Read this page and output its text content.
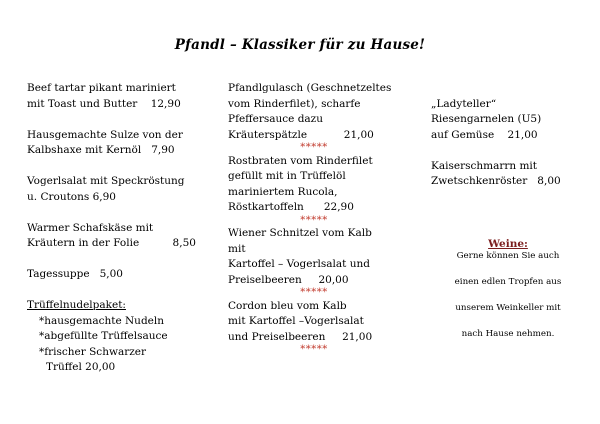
Pfandl – Klassiker für zu Hause!
Beef tartar pikant mariniert
mit Toast und Butter 12,90
Hausgemachte Sulze von der
Kalbshaxe mit Kernöl 7,90
Vogerlsalat mit Speckröstung
u. Croutons 6,90
Warmer Schafskäse mit
Kräutern in der Folie	8,50
Tagessuppe 5,00
Trüffelnudelpaket:
*hausgemachte Nudeln
*abgefüllte Trüffelsauce
*frischer Schwarzer
Trüffel 20,00
Pfandlgulasch (Geschnetzeltes
vom Rinderfilet), scharfe
Pfeffersauce dazu
Kräuterspätzle	21,00
*****
Rostbraten vom Rinderfilet
gefüllt mit in Trüffelöl
mariniertem Rucola,
Röstkartoffeln 22,90
*****
Wiener Schnitzel vom Kalb
mit
Kartoffel – Vogerlsalat und
Preiselbeeren 20,00
*****
Cordon bleu vom Kalb
mit Kartoffel –Vogerlsalat
und Preiselbeeren 21,00
*****
„Ladyteller“
Riesengarnelen (U5)
auf Gemüse 21,00
Kaiserschmarrn mit
Zwetschkenröster 8,00
Weine:
Gerne können Sie auch
einen edlen Tropfen aus
unserem Weinkeller mit
nach Hause nehmen.
